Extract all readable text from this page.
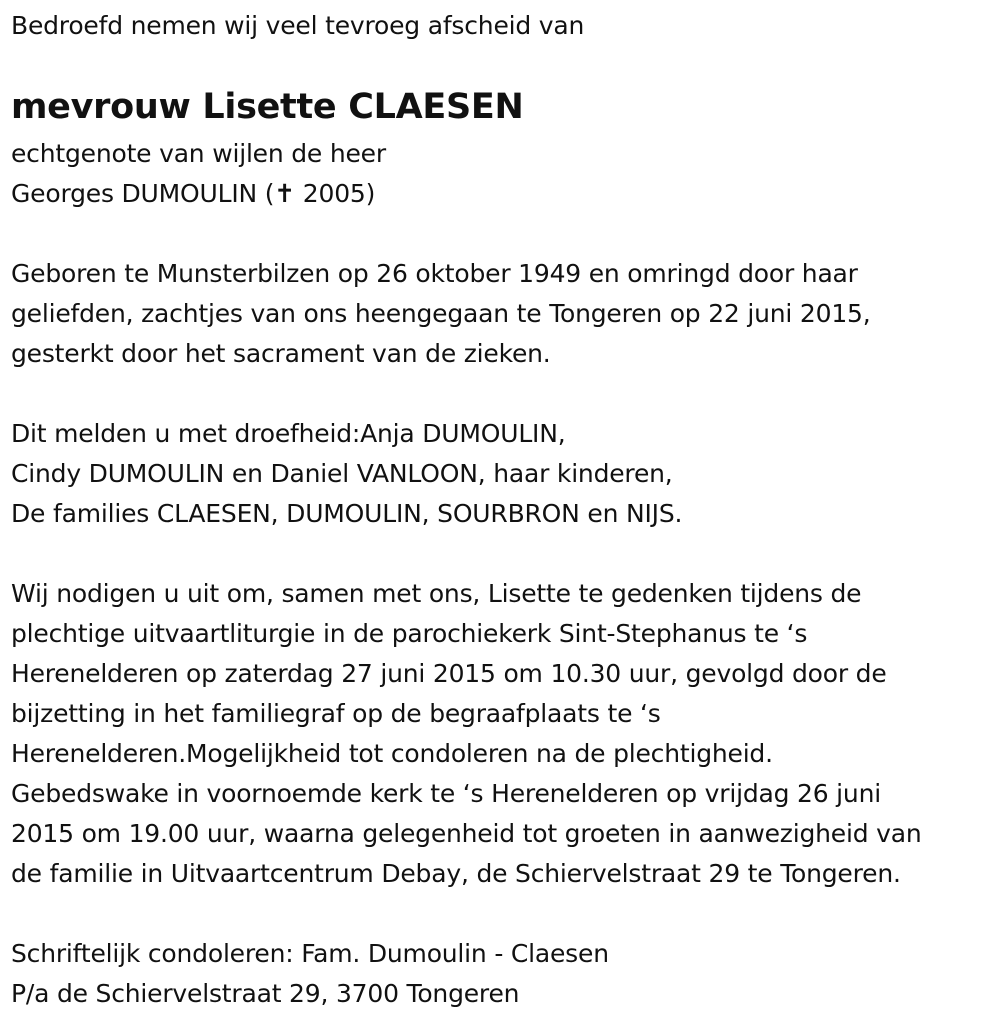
Bedroefd nemen wij veel tevroeg afscheid van
mevrouw Lisette CLAESEN
echtgenote van wijlen de heer
Georges DUMOULIN (✝ 2005)
Geboren te Munsterbilzen op 26 oktober 1949 en omringd door haar
geliefden, zachtjes van ons heengegaan te Tongeren op 22 juni 2015,
gesterkt door het sacrament van de zieken.
Dit melden u met droefheid:Anja DUMOULIN,
Cindy DUMOULIN en Daniel VANLOON, haar kinderen,
De families CLAESEN, DUMOULIN, SOURBRON en NIJS.
Wij nodigen u uit om, samen met ons, Lisette te gedenken tijdens de
plechtige uitvaartliturgie in de parochiekerk Sint-Stephanus te ‘s
Herenelderen op zaterdag 27 juni 2015 om 10.30 uur, gevolgd door de
bijzetting in het familiegraf op de begraafplaats te ‘s
Herenelderen.Mogelijkheid tot condoleren na de plechtigheid.
Gebedswake in voornoemde kerk te ‘s Herenelderen op vrijdag 26 juni
2015 om 19.00 uur, waarna gelegenheid tot groeten in aanwezigheid van
de familie in Uitvaartcentrum Debay, de Schiervelstraat 29 te Tongeren.
Schriftelijk condoleren: Fam. Dumoulin - Claesen
P/a de Schiervelstraat 29, 3700 Tongeren
